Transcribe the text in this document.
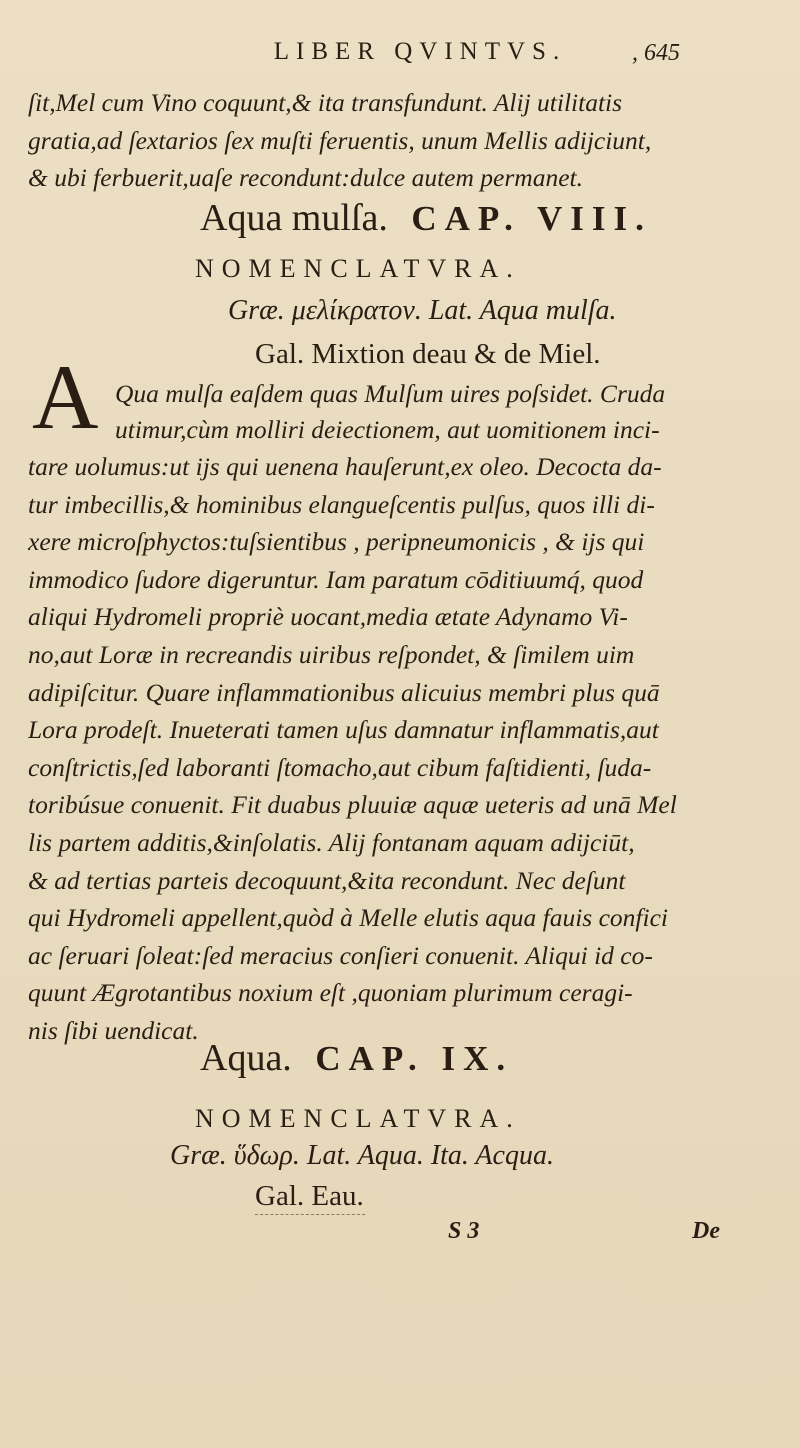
LIBER QVINTVS.	, 645
ſit,Mel cum Vino coquunt,& ita transfundunt. Alij utilitatis
gratia,ad ſextarios ſex muſti feruentis, unum Mellis adijciunt,
& ubi ferbuerit,uaſe recondunt:dulce autem permanet.
Aqua mulſa. CAP. VIII.
NOMENCLATVRA.
Græ. μελίκρατον. Lat. Aqua mulſa.
Gal. Mixtion deau & de Miel.
A Qua mulſa eaſdem quas Mulſum uires poſsidet. Cruda
utimur,cùm molliri deiectionem, aut uomitionem inci-
tare uolumus:ut ijs qui uenena hauſerunt,ex oleo. Decocta da-
tur imbecillis,& hominibus elangueſcentis pulſus, quos illi di-
xere microſphyctos:tuſsientibus , peripneumonicis , & ijs qui
immodico ſudore digeruntur. Iam paratum cōditiuumq́, quod
aliqui Hydromeli propriè uocant,media ætate Adynamo Vi-
no,aut Loræ in recreandis uiribus reſpondet, & ſimilem uim
adipiſcitur. Quare inflammationibus alicuius membri plus quā
Lora prodeſt. Inueterati tamen uſus damnatur inflammatis,aut
conſtrictis,ſed laboranti ſtomacho,aut cibum faſtidienti, ſuda-
toribúsue conuenit. Fit duabus pluuiæ aquæ ueteris ad unā Mel
lis partem additis,&inſolatis. Alij fontanam aquam adijciūt,
& ad tertias parteis decoquunt,&ita recondunt. Nec deſunt
qui Hydromeli appellent,quòd à Melle elutis aqua fauis confici
ac ſeruari ſoleat:ſed meracius conſieri conuenit. Aliqui id co-
quunt Ægrotantibus noxium eſt ,quoniam plurimum ceragi-
nis ſibi uendicat.
Aqua. CAP. IX.
NOMENCLATVRA.
Græ. ὕδωρ. Lat. Aqua. Ita. Acqua.
Gal. Eau.
S 3	De
